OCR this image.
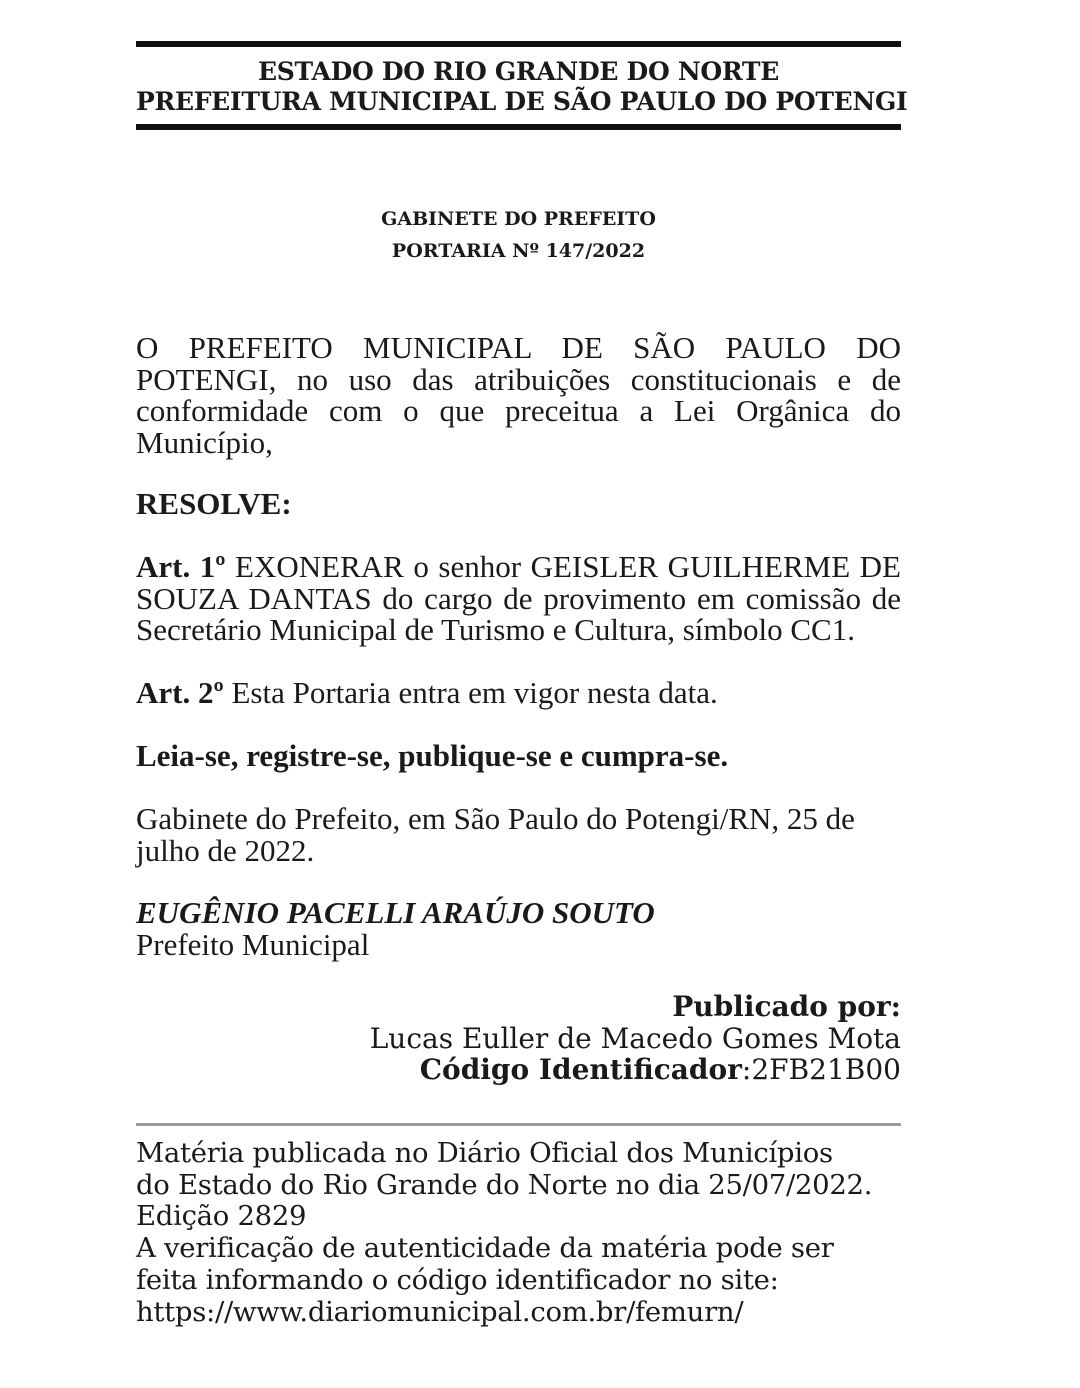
ESTADO DO RIO GRANDE DO NORTE
PREFEITURA MUNICIPAL DE SÃO PAULO DO POTENGI
GABINETE DO PREFEITO
PORTARIA Nº 147/2022
O PREFEITO MUNICIPAL DE SÃO PAULO DO POTENGI, no uso das atribuições constitucionais e de conformidade com o que preceitua a Lei Orgânica do Município,
RESOLVE:
Art. 1º EXONERAR o senhor GEISLER GUILHERME DE SOUZA DANTAS do cargo de provimento em comissão de Secretário Municipal de Turismo e Cultura, símbolo CC1.
Art. 2º Esta Portaria entra em vigor nesta data.
Leia-se, registre-se, publique-se e cumpra-se.
Gabinete do Prefeito, em São Paulo do Potengi/RN, 25 de julho de 2022.
EUGÊNIO PACELLI ARAÚJO SOUTO
Prefeito Municipal
Publicado por:
Lucas Euller de Macedo Gomes Mota
Código Identificador:2FB21B00
Matéria publicada no Diário Oficial dos Municípios
do Estado do Rio Grande do Norte no dia 25/07/2022.
Edição 2829
A verificação de autenticidade da matéria pode ser
feita informando o código identificador no site:
https://www.diariomunicipal.com.br/femurn/
